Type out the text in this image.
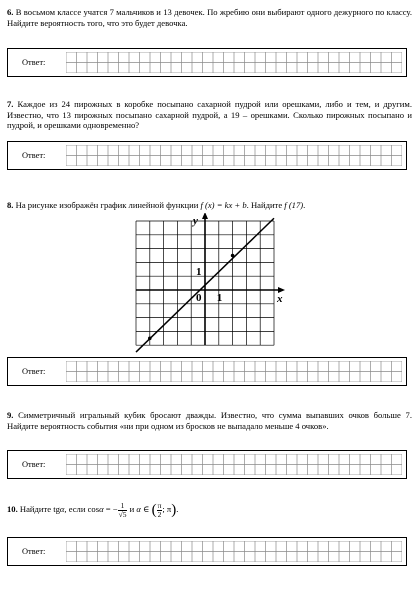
6. В восьмом классе учатся 7 мальчиков и 13 девочек. По жребию они выбирают одного дежурного по классу. Найдите вероятность того, что это будет девочка.
Ответ:
7. Каждое из 24 пирожных в коробке посыпано сахарной пудрой или орешками, либо и тем, и другим. Известно, что 13 пирожных посыпано сахарной пудрой, а 19 – орешками. Сколько пирожных посыпано и пудрой, и орешками одновременно?
Ответ:
8. На рисунке изображён график линейной функции f (x) = kx + b. Найдите f (17).
y
x
0 1
1
Ответ:
9. Симметричный игральный кубик бросают дважды. Известно, что сумма выпавших очков больше 7. Найдите вероятность события «ни при одном из бросков не выпадало меньше 4 очков».
Ответ:
10. Найдите tgα, если cosα = − $\frac{1}{√5}$ и α ∈ ( $\frac{\pi}{2}$ ; π).
Ответ:
